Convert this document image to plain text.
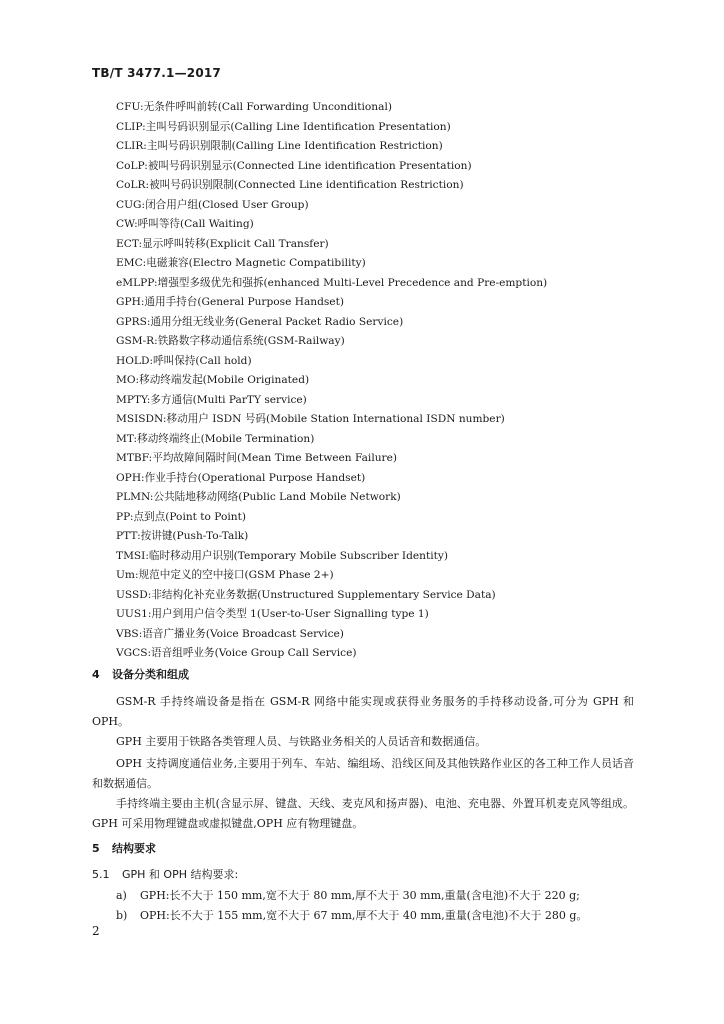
TB/T 3477.1—2017
CFU:无条件呼叫前转(Call Forwarding Unconditional)
CLIP:主叫号码识别显示(Calling Line Identification Presentation)
CLIR:主叫号码识别限制(Calling Line Identification Restriction)
CoLP:被叫号码识别显示(Connected Line identification Presentation)
CoLR:被叫号码识别限制(Connected Line identification Restriction)
CUG:闭合用户组(Closed User Group)
CW:呼叫等待(Call Waiting)
ECT:显示呼叫转移(Explicit Call Transfer)
EMC:电磁兼容(Electro Magnetic Compatibility)
eMLPP:增强型多级优先和强拆(enhanced Multi-Level Precedence and Pre-emption)
GPH:通用手持台(General Purpose Handset)
GPRS:通用分组无线业务(General Packet Radio Service)
GSM-R:铁路数字移动通信系统(GSM-Railway)
HOLD:呼叫保持(Call hold)
MO:移动终端发起(Mobile Originated)
MPTY:多方通信(Multi ParTY service)
MSISDN:移动用户 ISDN 号码(Mobile Station International ISDN number)
MT:移动终端终止(Mobile Termination)
MTBF:平均故障间隔时间(Mean Time Between Failure)
OPH:作业手持台(Operational Purpose Handset)
PLMN:公共陆地移动网络(Public Land Mobile Network)
PP:点到点(Point to Point)
PTT:按讲键(Push-To-Talk)
TMSI:临时移动用户识别(Temporary Mobile Subscriber Identity)
Um:规范中定义的空中接口(GSM Phase 2+)
USSD:非结构化补充业务数据(Unstructured Supplementary Service Data)
UUS1:用户到用户信令类型 1(User-to-User Signalling type 1)
VBS:语音广播业务(Voice Broadcast Service)
VGCS:语音组呼业务(Voice Group Call Service)
4 设备分类和组成
GSM-R 手持终端设备是指在 GSM-R 网络中能实现或获得业务服务的手持移动设备,可分为 GPH 和 OPH。
GPH 主要用于铁路各类管理人员、与铁路业务相关的人员话音和数据通信。
OPH 支持调度通信业务,主要用于列车、车站、编组场、沿线区间及其他铁路作业区的各工种工作人员话音和数据通信。
手持终端主要由主机(含显示屏、键盘、天线、麦克风和扬声器)、电池、充电器、外置耳机麦克风等组成。GPH 可采用物理键盘或虚拟键盘,OPH 应有物理键盘。
5 结构要求
5.1 GPH 和 OPH 结构要求:
a) GPH:长不大于 150 mm,宽不大于 80 mm,厚不大于 30 mm,重量(含电池)不大于 220 g;
b) OPH:长不大于 155 mm,宽不大于 67 mm,厚不大于 40 mm,重量(含电池)不大于 280 g。
2
